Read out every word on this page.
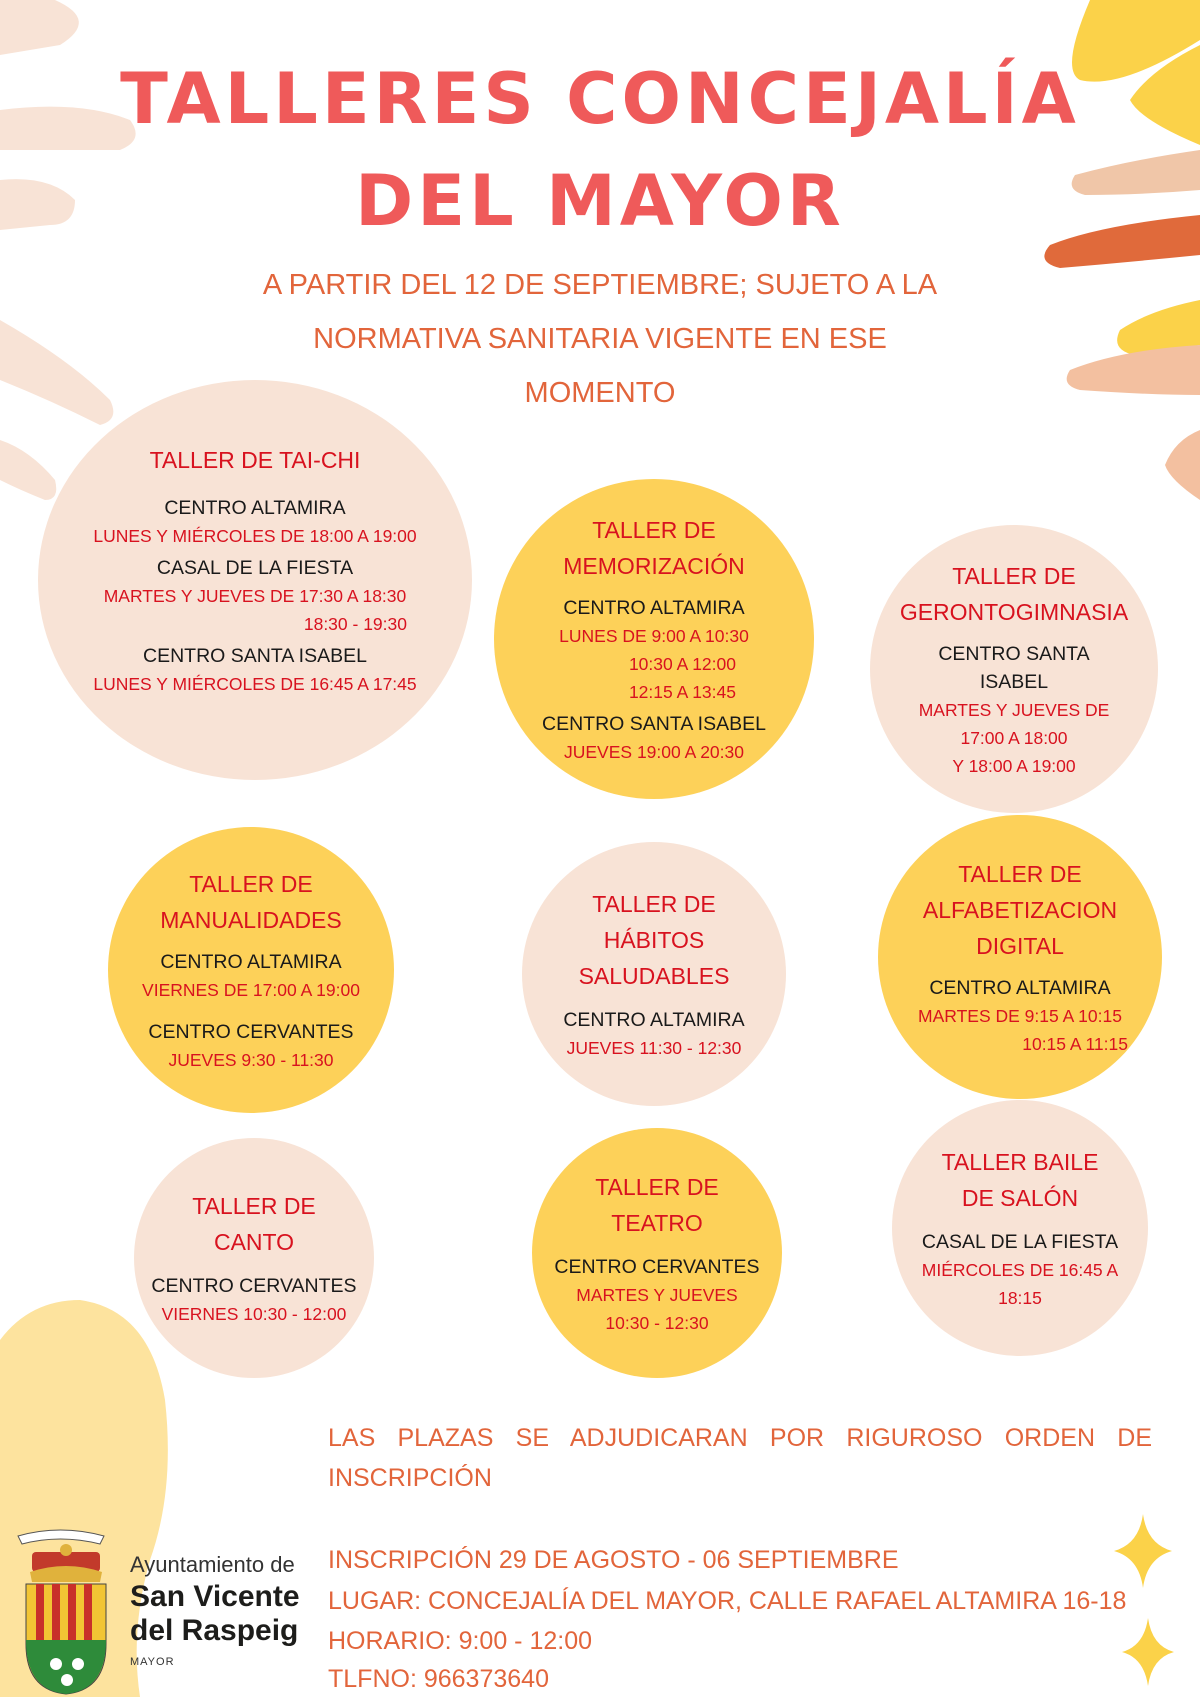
TALLERES CONCEJALÍA
DEL MAYOR
A PARTIR DEL 12 DE SEPTIEMBRE; SUJETO A LA
NORMATIVA SANITARIA VIGENTE EN ESE
MOMENTO
TALLER DE TAI-CHI
CENTRO ALTAMIRA
LUNES Y MIÉRCOLES DE 18:00 A 19:00
CASAL DE LA FIESTA
MARTES Y JUEVES DE 17:30 A 18:30
18:30 - 19:30
CENTRO SANTA ISABEL
LUNES Y MIÉRCOLES DE 16:45 A 17:45
TALLER DE
MEMORIZACIÓN
CENTRO ALTAMIRA
LUNES DE 9:00 A 10:30
10:30 A 12:00
12:15 A 13:45
CENTRO SANTA ISABEL
JUEVES 19:00 A 20:30
TALLER DE
GERONTOGIMNASIA
CENTRO SANTA
ISABEL
MARTES Y JUEVES DE
17:00 A 18:00
Y 18:00 A 19:00
TALLER DE
MANUALIDADES
CENTRO ALTAMIRA
VIERNES DE 17:00 A 19:00
CENTRO CERVANTES
JUEVES 9:30 - 11:30
TALLER DE
HÁBITOS
SALUDABLES
CENTRO ALTAMIRA
JUEVES 11:30 - 12:30
TALLER DE
ALFABETIZACION
DIGITAL
CENTRO ALTAMIRA
MARTES DE 9:15 A 10:15
10:15 A 11:15
TALLER DE
CANTO
CENTRO CERVANTES
VIERNES 10:30 - 12:00
TALLER DE
TEATRO
CENTRO CERVANTES
MARTES Y JUEVES
10:30 - 12:30
TALLER BAILE
DE SALÓN
CASAL DE LA FIESTA
MIÉRCOLES DE 16:45 A
18:15
LAS PLAZAS SE ADJUDICARAN POR RIGUROSO ORDEN DE INSCRIPCIÓN
INSCRIPCIÓN 29 DE AGOSTO - 06 SEPTIEMBRE
LUGAR: CONCEJALÍA DEL MAYOR, CALLE RAFAEL ALTAMIRA 16-18
HORARIO: 9:00 - 12:00
TLFNO: 966373640
Ayuntamiento de
San Vicente
del Raspeig
MAYOR
